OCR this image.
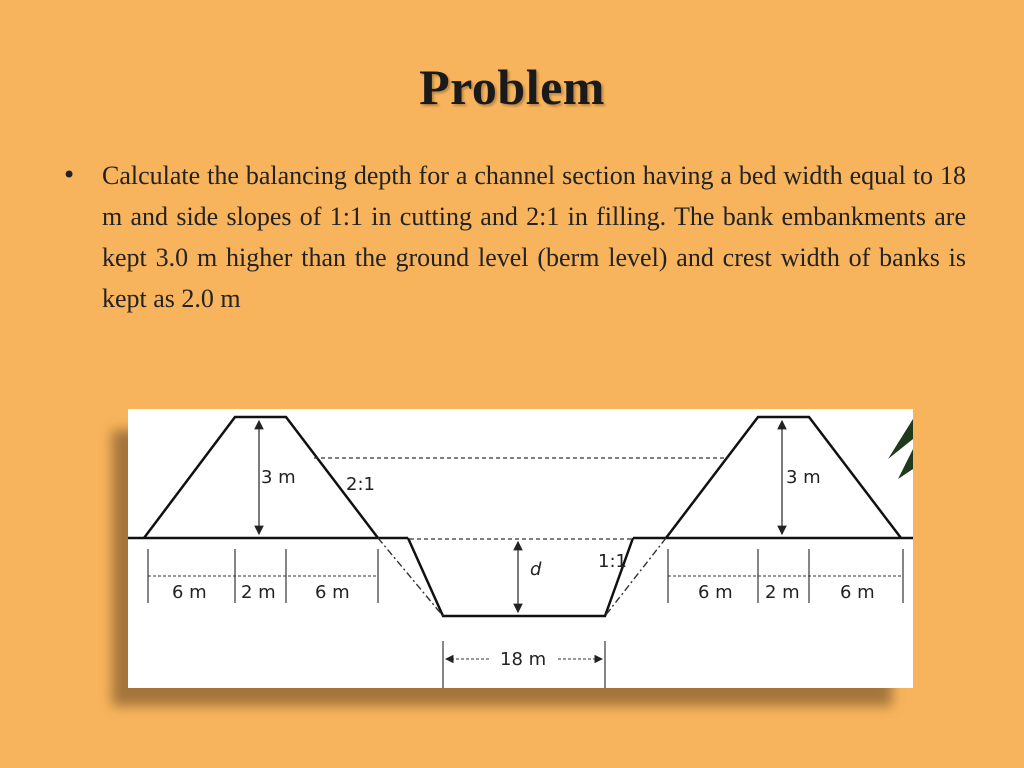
Problem
• Calculate the balancing depth for a channel section having a bed width equal to 18 m and side slopes of 1:1 in cutting and 2:1 in filling. The bank embankments are kept 3.0 m higher than the ground level (berm level) and crest width of banks is kept as 2.0 m
3 m	2:1	3 m
d	1:1
6 m 2 m 6 m	6 m 2 m 6 m
18 m
